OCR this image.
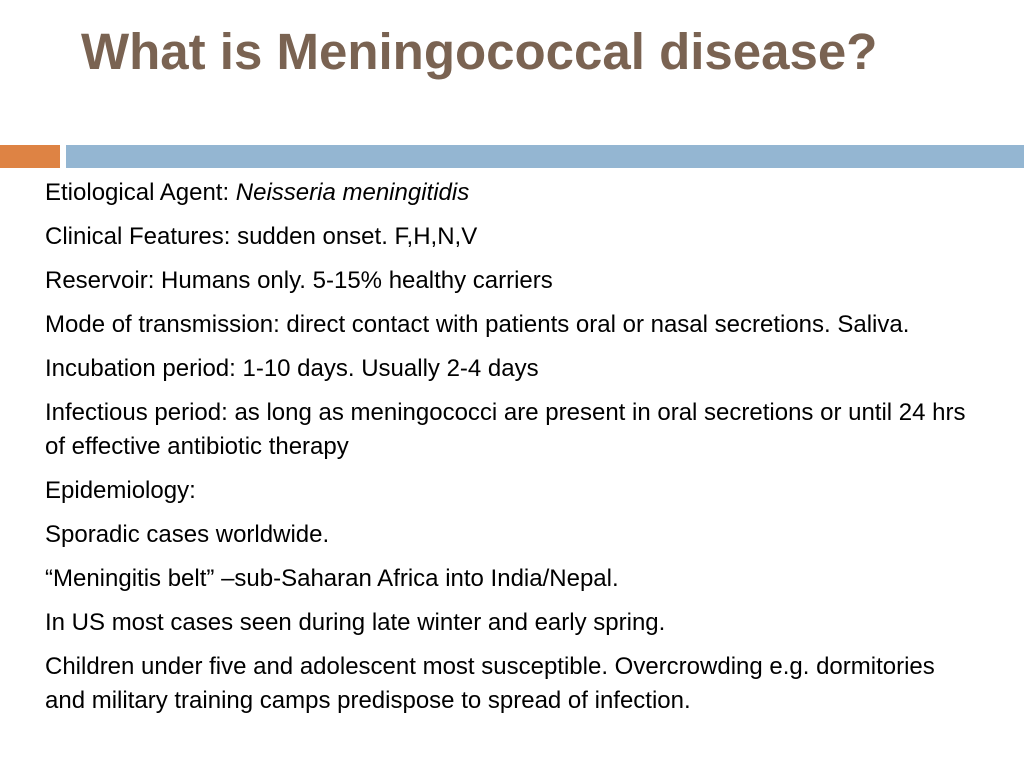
What is Meningococcal disease?
Etiological Agent: Neisseria meningitidis
Clinical Features: sudden onset. F,H,N,V
Reservoir: Humans only. 5-15% healthy carriers
Mode of transmission: direct contact with patients oral or nasal secretions. Saliva.
Incubation period: 1-10 days. Usually 2-4 days
Infectious period: as long as meningococci are present in oral secretions or until 24 hrs of effective antibiotic therapy
Epidemiology:
Sporadic cases worldwide.
“Meningitis belt” –sub-Saharan Africa into India/Nepal.
In US most cases seen during late winter and early spring.
Children under five and adolescent most susceptible. Overcrowding e.g. dormitories and military training camps predispose to spread of infection.
